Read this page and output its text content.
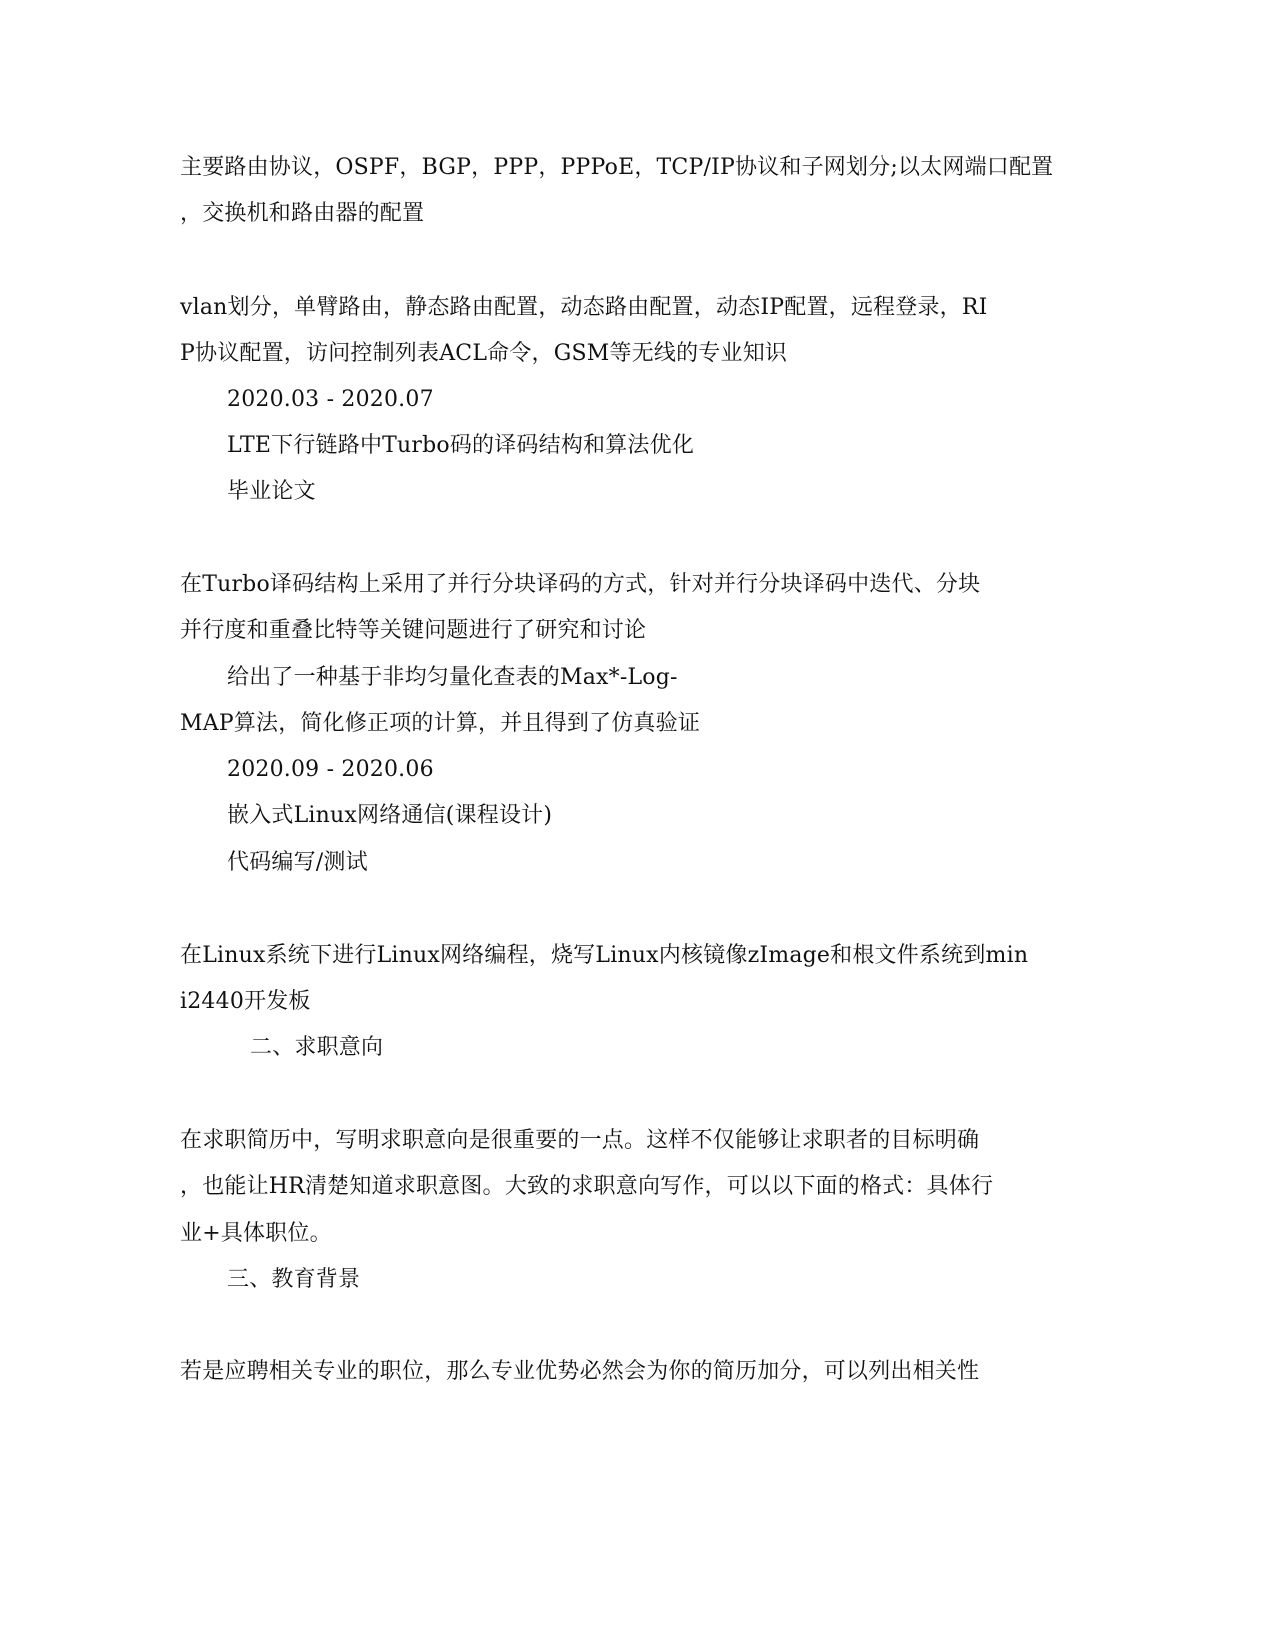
主要路由协议，OSPF，BGP，PPP，PPPoE，TCP/IP协议和子网划分;以太网端口配置
，交换机和路由器的配置
vlan划分，单臂路由，静态路由配置，动态路由配置，动态IP配置，远程登录，RI
P协议配置，访问控制列表ACL命令，GSM等无线的专业知识
2020.03 - 2020.07
LTE下行链路中Turbo码的译码结构和算法优化
毕业论文
在Turbo译码结构上采用了并行分块译码的方式，针对并行分块译码中迭代、分块
并行度和重叠比特等关键问题进行了研究和讨论
给出了一种基于非均匀量化查表的Max*-Log-
MAP算法，简化修正项的计算，并且得到了仿真验证
2020.09 - 2020.06
嵌入式Linux网络通信(课程设计)
代码编写/测试
在Linux系统下进行Linux网络编程，烧写Linux内核镜像zImage和根文件系统到min
i2440开发板
二、求职意向
在求职简历中，写明求职意向是很重要的一点。这样不仅能够让求职者的目标明确
，也能让HR清楚知道求职意图。大致的求职意向写作，可以以下面的格式：具体行
业+具体职位。
三、教育背景
若是应聘相关专业的职位，那么专业优势必然会为你的简历加分，可以列出相关性
